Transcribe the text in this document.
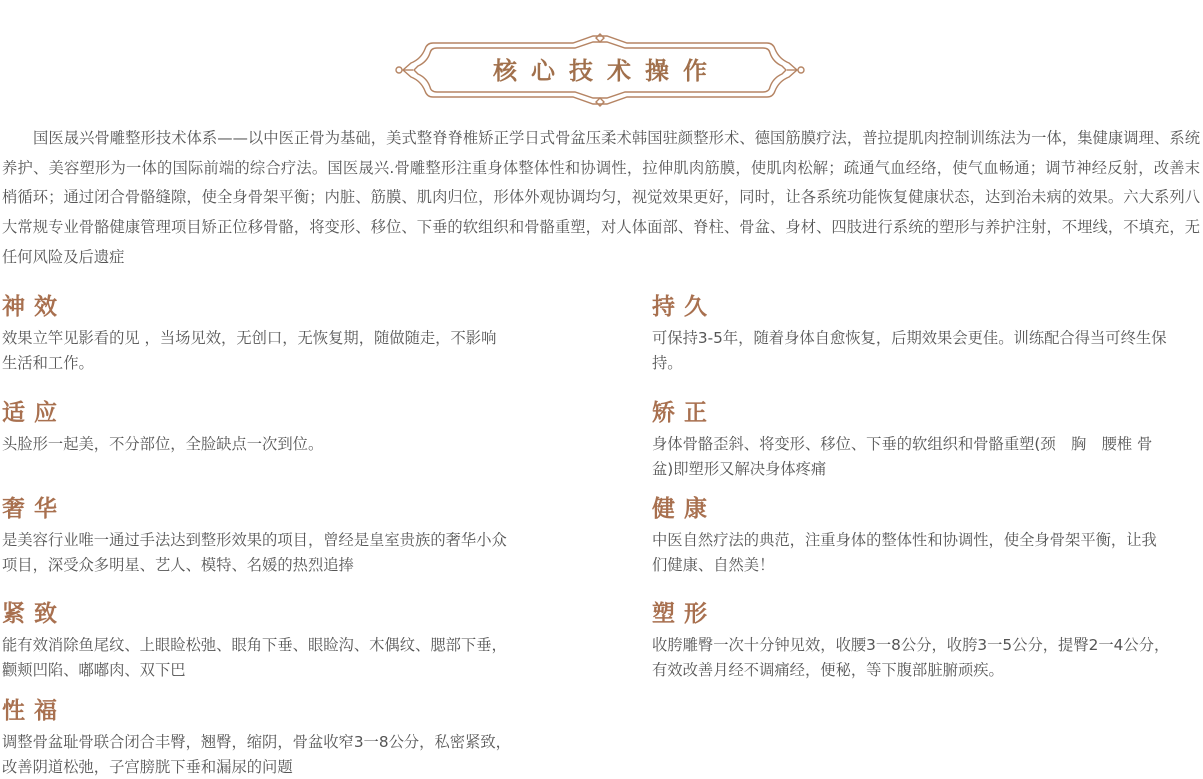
核心技术操作

国医晟兴骨雕整形技术体系——以中医正骨为基础，美式整脊脊椎矫正学日式骨盆压柔术韩国驻颜整形术、德国筋膜疗法，普拉提肌肉控制训练法为一体，集健康调理、系统养护、美容塑形为一体的国际前端的综合疗法。国医晟兴.骨雕整形注重身体整体性和协调性，拉伸肌肉筋膜，使肌肉松解；疏通气血经络，使气血畅通；调节神经反射，改善末梢循环；通过闭合骨骼缝隙，使全身骨架平衡；内脏、筋膜、肌肉归位，形体外观协调均匀，视觉效果更好，同时，让各系统功能恢复健康状态，达到治未病的效果。六大系列八大常规专业骨骼健康管理项目矫正位移骨骼，将变形、移位、下垂的软组织和骨骼重塑，对人体面部、脊柱、骨盆、身材、四肢进行系统的塑形与养护注射，不埋线，不填充，无任何风险及后遗症

神效

效果立竿见影看的见 ，当场见效，无创口，无恢复期，随做随走，不影响生活和工作。

适应

头脸形一起美，不分部位，全脸缺点一次到位。

奢华

是美容行业唯一通过手法达到整形效果的项目，曾经是皇室贵族的奢华小众项目，深受众多明星、艺人、模特、名媛的热烈追捧

紧致

能有效消除鱼尾纹、上眼睑松弛、眼角下垂、眼睑沟、木偶纹、腮部下垂，颧颊凹陷、嘟嘟肉、双下巴

性福

调整骨盆耻骨联合闭合丰臀，翘臀，缩阴，骨盆收窄3一8公分，私密紧致，改善阴道松弛，子宫膀胱下垂和漏尿的问题

持久

可保持3-5年，随着身体自愈恢复，后期效果会更佳。训练配合得当可终生保持。

矫正

身体骨骼歪斜、将变形、移位、下垂的软组织和骨骼重塑(颈　胸　腰椎 骨盆)即塑形又解决身体疼痛

健康

中医自然疗法的典范，注重身体的整体性和协调性，使全身骨架平衡，让我们健康、自然美！

塑形

收胯雕臀一次十分钟见效，收腰3一8公分，收胯3一5公分，提臀2一4公分，有效改善月经不调痛经，便秘，等下腹部脏腑顽疾。
